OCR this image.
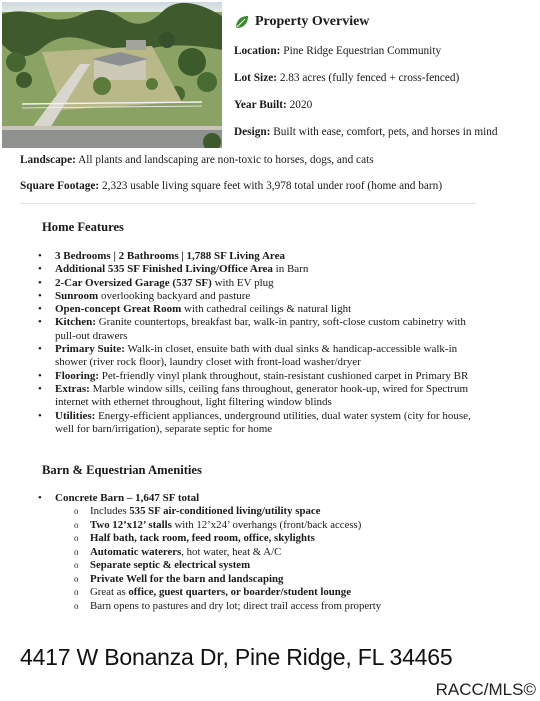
Property Overview
Location: Pine Ridge Equestrian Community
Lot Size: 2.83 acres (fully fenced + cross-fenced)
Year Built: 2020
Design: Built with ease, comfort, pets, and horses in mind
Landscape: All plants and landscaping are non-toxic to horses, dogs, and cats
Square Footage: 2,323 usable living square feet with 3,978 total under roof (home and barn)
Home Features
• 3 Bedrooms | 2 Bathrooms | 1,788 SF Living Area
• Additional 535 SF Finished Living/Office Area in Barn
• 2-Car Oversized Garage (537 SF) with EV plug
• Sunroom overlooking backyard and pasture
• Open-concept Great Room with cathedral ceilings & natural light
• Kitchen: Granite countertops, breakfast bar, walk-in pantry, soft-close custom cabinetry with pull-out drawers
• Primary Suite: Walk-in closet, ensuite bath with dual sinks & handicap-accessible walk-in shower (river rock floor), laundry closet with front-load washer/dryer
• Flooring: Pet-friendly vinyl plank throughout, stain-resistant cushioned carpet in Primary BR
• Extras: Marble window sills, ceiling fans throughout, generator hook-up, wired for Spectrum internet with ethernet throughout, light filtering window blinds
• Utilities: Energy-efficient appliances, underground utilities, dual water system (city for house, well for barn/irrigation), separate septic for home
Barn & Equestrian Amenities
• Concrete Barn – 1,647 SF total
o Includes 535 SF air-conditioned living/utility space
o Two 12’x12’ stalls with 12’x24’ overhangs (front/back access)
o Half bath, tack room, feed room, office, skylights
o Automatic waterers, hot water, heat & A/C
o Separate septic & electrical system
o Private Well for the barn and landscaping
o Great as office, guest quarters, or boarder/student lounge
o Barn opens to pastures and dry lot; direct trail access from property
4417 W Bonanza Dr, Pine Ridge, FL 34465
RACC/MLS©
